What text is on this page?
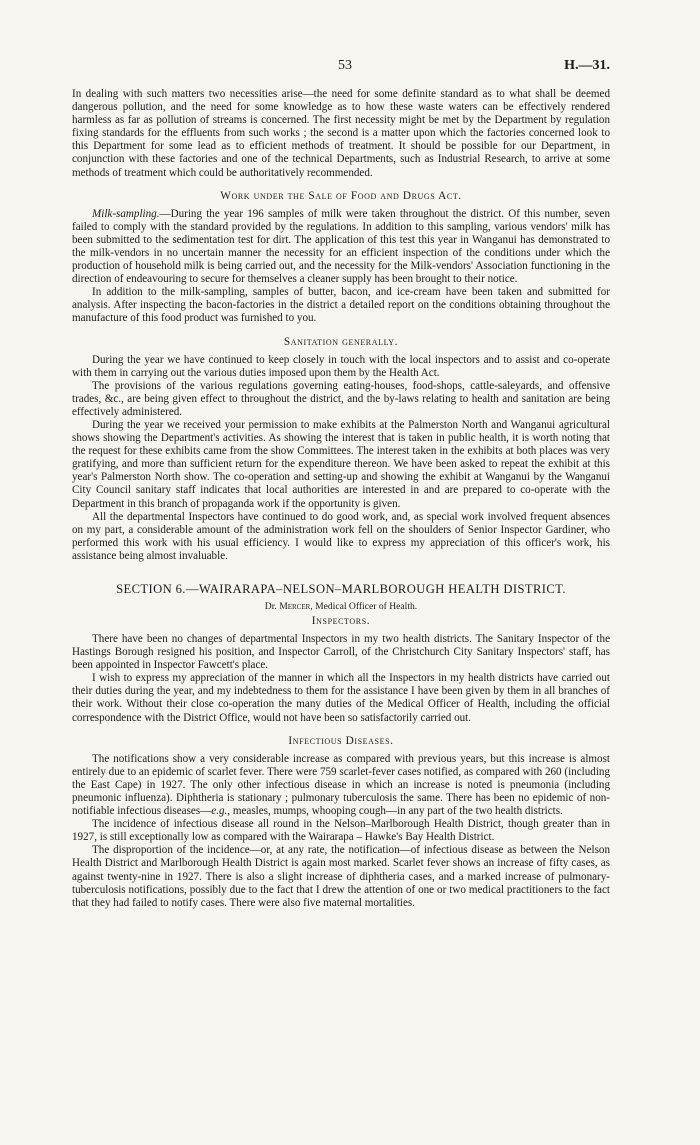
53	H.—31.

In dealing with such matters two necessities arise—the need for some definite standard as to what shall be deemed dangerous pollution, and the need for some knowledge as to how these waste waters can be effectively rendered harmless as far as pollution of streams is concerned. The first necessity might be met by the Department by regulation fixing standards for the effluents from such works ; the second is a matter upon which the factories concerned look to this Department for some lead as to efficient methods of treatment. It should be possible for our Department, in conjunction with these factories and one of the technical Departments, such as Industrial Research, to arrive at some methods of treatment which could be authoritatively recommended.

Work under the Sale of Food and Drugs Act.

Milk-sampling.—During the year 196 samples of milk were taken throughout the district. Of this number, seven failed to comply with the standard provided by the regulations. In addition to this sampling, various vendors' milk has been submitted to the sedimentation test for dirt. The application of this test this year in Wanganui has demonstrated to the milk-vendors in no uncertain manner the necessity for an efficient inspection of the conditions under which the production of household milk is being carried out, and the necessity for the Milk-vendors' Association functioning in the direction of endeavouring to secure for themselves a cleaner supply has been brought to their notice.

In addition to the milk-sampling, samples of butter, bacon, and ice-cream have been taken and submitted for analysis. After inspecting the bacon-factories in the district a detailed report on the conditions obtaining throughout the manufacture of this food product was furnished to you.

Sanitation generally.

During the year we have continued to keep closely in touch with the local inspectors and to assist and co-operate with them in carrying out the various duties imposed upon them by the Health Act.

The provisions of the various regulations governing eating-houses, food-shops, cattle-saleyards, and offensive trades, &c., are being given effect to throughout the district, and the by-laws relating to health and sanitation are being effectively administered.

During the year we received your permission to make exhibits at the Palmerston North and Wanganui agricultural shows showing the Department's activities. As showing the interest that is taken in public health, it is worth noting that the request for these exhibits came from the show Committees. The interest taken in the exhibits at both places was very gratifying, and more than sufficient return for the expenditure thereon. We have been asked to repeat the exhibit at this year's Palmerston North show. The co-operation and setting-up and showing the exhibit at Wanganui by the Wanganui City Council sanitary staff indicates that local authorities are interested in and are prepared to co-operate with the Department in this branch of propaganda work if the opportunity is given.

All the departmental Inspectors have continued to do good work, and, as special work involved frequent absences on my part, a considerable amount of the administration work fell on the shoulders of Senior Inspector Gardiner, who performed this work with his usual efficiency. I would like to express my appreciation of this officer's work, his assistance being almost invaluable.

SECTION 6.—WAIRARAPA–NELSON–MARLBOROUGH HEALTH DISTRICT.
Dr. Mercer, Medical Officer of Health.
Inspectors.

There have been no changes of departmental Inspectors in my two health districts. The Sanitary Inspector of the Hastings Borough resigned his position, and Inspector Carroll, of the Christchurch City Sanitary Inspectors' staff, has been appointed in Inspector Fawcett's place.

I wish to express my appreciation of the manner in which all the Inspectors in my health districts have carried out their duties during the year, and my indebtedness to them for the assistance I have been given by them in all branches of their work. Without their close co-operation the many duties of the Medical Officer of Health, including the official correspondence with the District Office, would not have been so satisfactorily carried out.

Infectious Diseases.

The notifications show a very considerable increase as compared with previous years, but this increase is almost entirely due to an epidemic of scarlet fever. There were 759 scarlet-fever cases notified, as compared with 260 (including the East Cape) in 1927. The only other infectious disease in which an increase is noted is pneumonia (including pneumonic influenza). Diphtheria is stationary ; pulmonary tuberculosis the same. There has been no epidemic of non-notifiable infectious diseases—e.g., measles, mumps, whooping cough—in any part of the two health districts.

The incidence of infectious disease all round in the Nelson–Marlborough Health District, though greater than in 1927, is still exceptionally low as compared with the Wairarapa – Hawke's Bay Health District.

The disproportion of the incidence—or, at any rate, the notification—of infectious disease as between the Nelson Health District and Marlborough Health District is again most marked. Scarlet fever shows an increase of fifty cases, as against twenty-nine in 1927. There is also a slight increase of diphtheria cases, and a marked increase of pulmonary-tuberculosis notifications, possibly due to the fact that I drew the attention of one or two medical practitioners to the fact that they had failed to notify cases. There were also five maternal mortalities.
